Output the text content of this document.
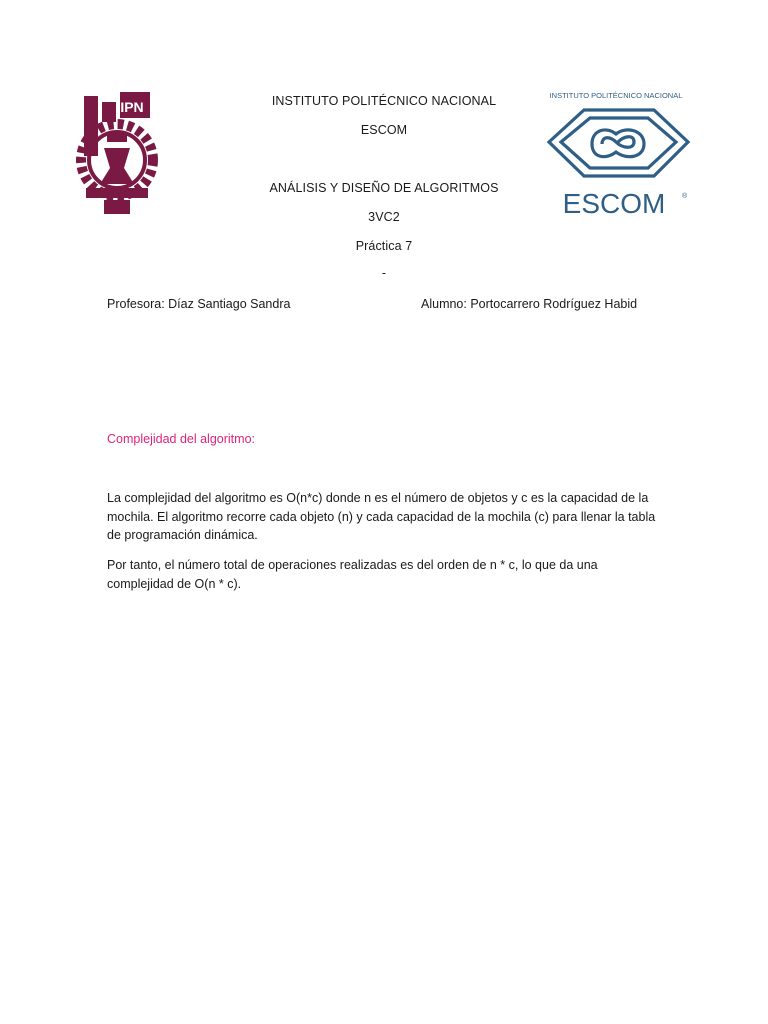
IPN
INSTITUTO POLITÉCNICO NACIONAL
ESCOM ®
INSTITUTO POLITÉCNICO NACIONAL
ESCOM
ANÁLISIS Y DISEÑO DE ALGORITMOS
3VC2
Práctica 7
-
Profesora: Díaz Santiago Sandra	Alumno: Portocarrero Rodríguez Habid
Complejidad del algoritmo:

La complejidad del algoritmo es O(n*c) donde n es el número de objetos y c es la capacidad de la mochila. El algoritmo recorre cada objeto (n) y cada capacidad de la mochila (c) para llenar la tabla de programación dinámica.

Por tanto, el número total de operaciones realizadas es del orden de n * c, lo que da una complejidad de O(n * c).
